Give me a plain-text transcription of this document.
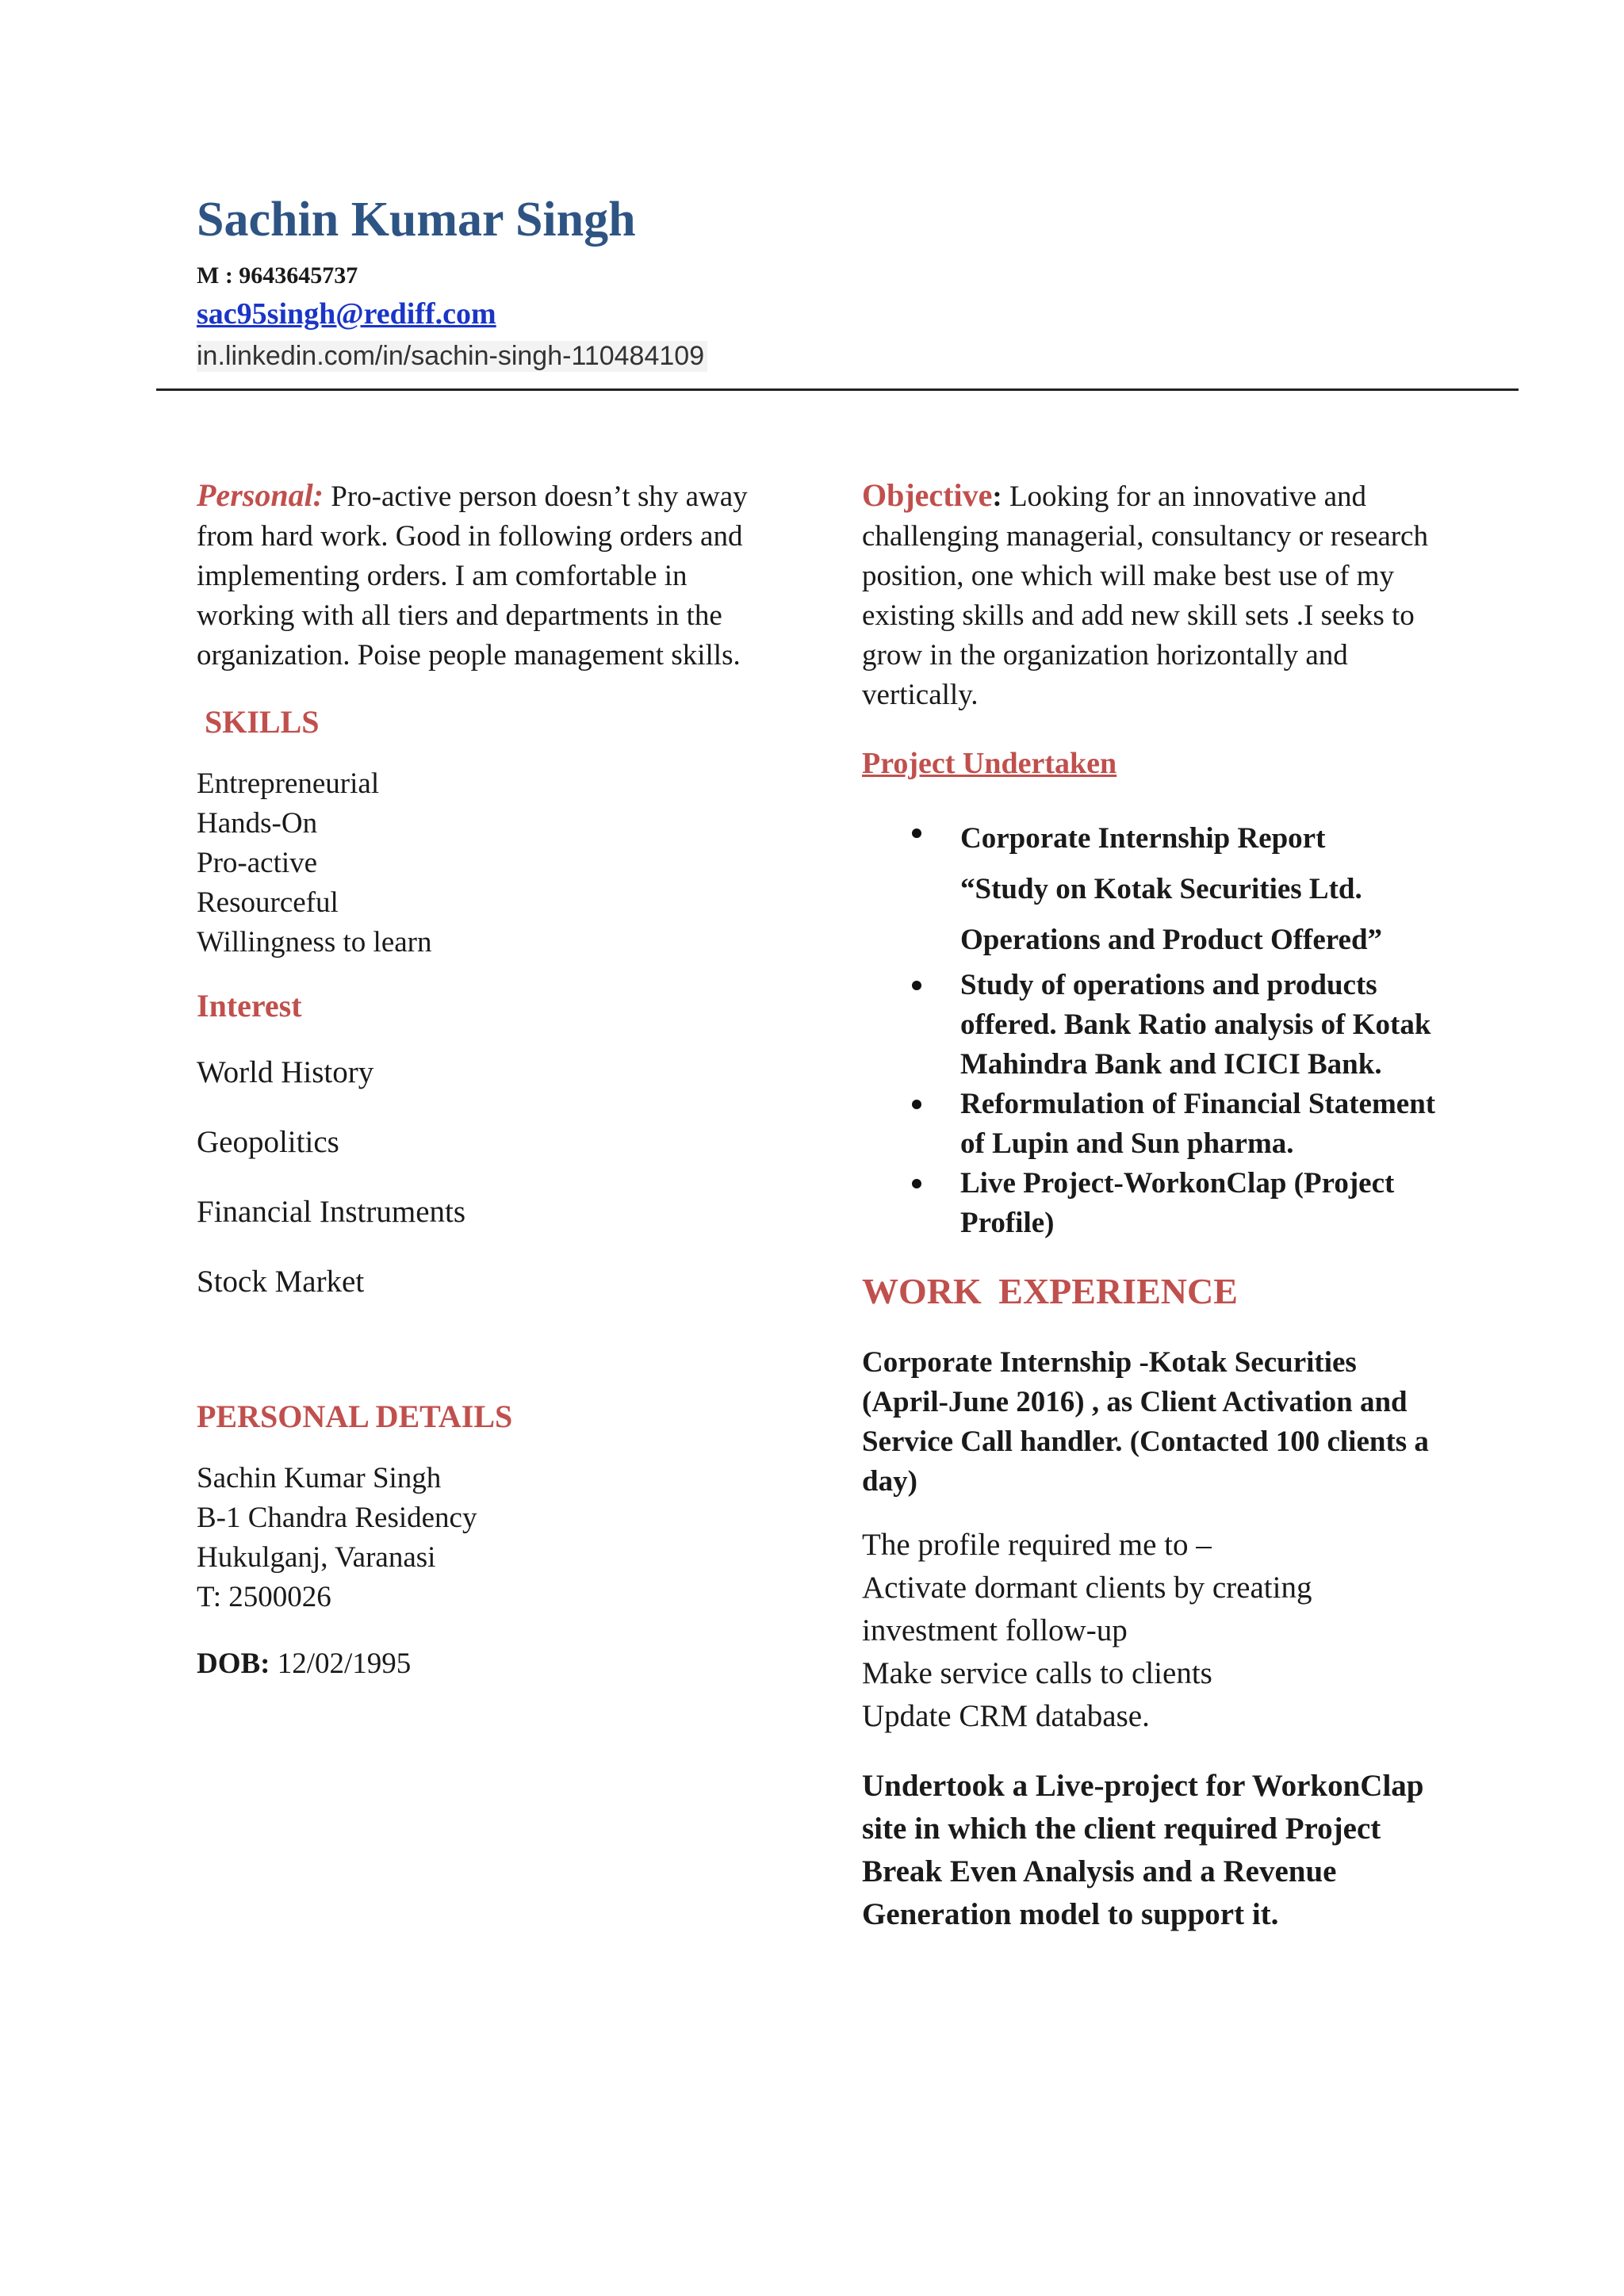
Sachin Kumar Singh
M : 9643645737
sac95singh@rediff.com
in.linkedin.com/in/sachin-singh-110484109

Personal: Pro-active person doesn’t shy away from hard work. Good in following orders and implementing orders. I am comfortable in working with all tiers and departments in the organization. Poise people management skills.

SKILLS

Entrepreneurial
Hands-On
Pro-active
Resourceful
Willingness to learn

Interest

World History
Geopolitics
Financial Instruments
Stock Market

PERSONAL DETAILS

Sachin Kumar Singh
B-1 Chandra Residency
Hukulganj, Varanasi
T: 2500026
DOB: 12/02/1995

Objective: Looking for an innovative and challenging managerial, consultancy or research position, one which will make best use of my existing skills and add new skill sets .I seeks to grow in the organization horizontally and vertically.

Project Undertaken

Corporate Internship Report
“Study on Kotak Securities Ltd.
Operations and Product Offered”
Study of operations and products offered. Bank Ratio analysis of Kotak Mahindra Bank and ICICI Bank.
Reformulation of Financial Statement of Lupin and Sun pharma.
Live Project-WorkonClap (Project Profile)

WORK EXPERIENCE

Corporate Internship -Kotak Securities (April-June 2016) , as Client Activation and Service Call handler. (Contacted 100 clients a day)

The profile required me to –
Activate dormant clients by creating investment follow-up
Make service calls to clients
Update CRM database.

Undertook a Live-project for WorkonClap site in which the client required Project Break Even Analysis and a Revenue Generation model to support it.
